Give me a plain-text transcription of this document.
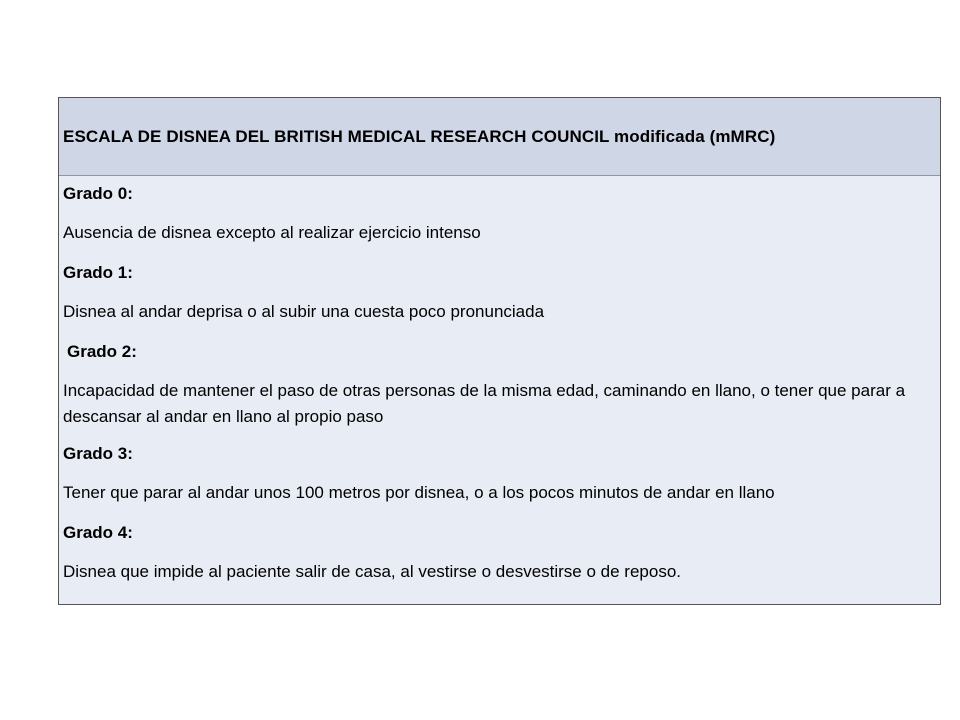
ESCALA DE DISNEA DEL BRITISH MEDICAL RESEARCH COUNCIL modificada (mMRC)
Grado 0:
Ausencia de disnea excepto al realizar ejercicio intenso
Grado 1:
Disnea al andar deprisa o al subir una cuesta poco pronunciada
Grado 2:
Incapacidad de mantener el paso de otras personas de la misma edad, caminando en llano, o tener que parar a descansar al andar en llano al propio paso
Grado 3:
Tener que parar al andar unos 100 metros por disnea, o a los pocos minutos de andar en llano
Grado 4:
Disnea que impide al paciente salir de casa, al vestirse o desvestirse o de reposo.
